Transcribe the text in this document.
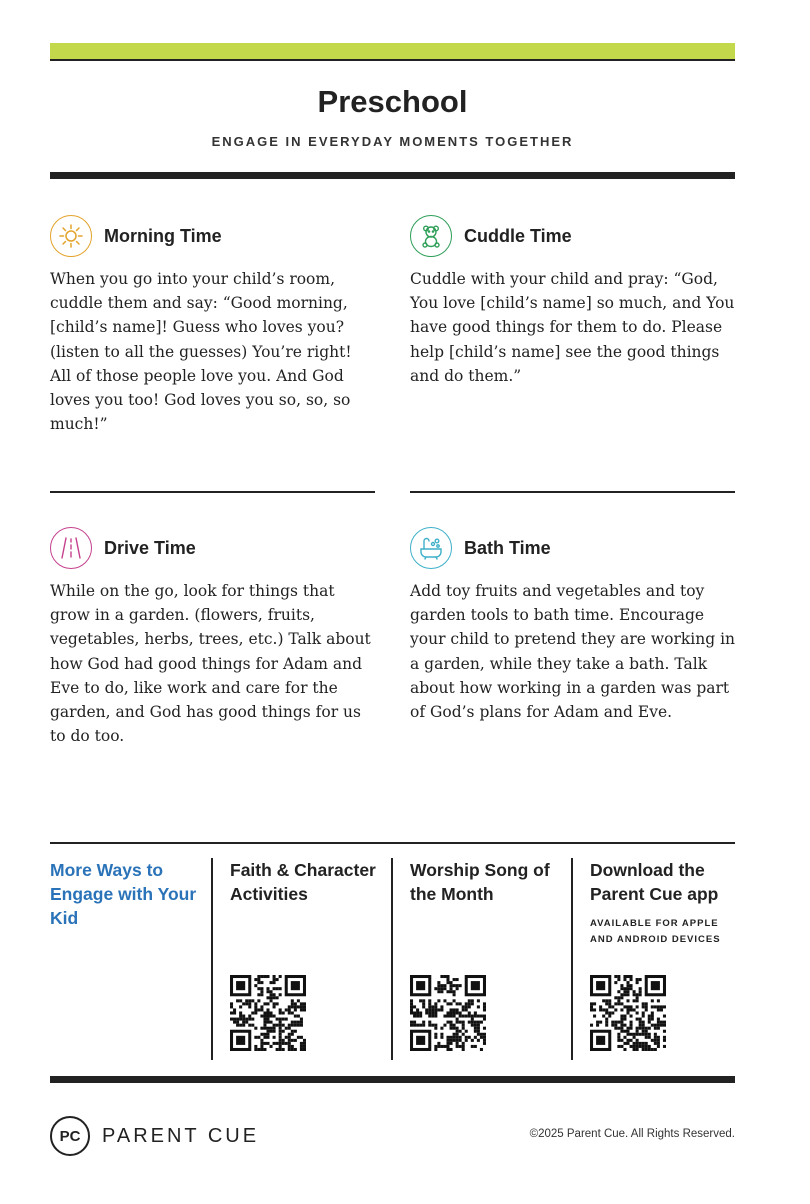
Preschool
ENGAGE IN EVERYDAY MOMENTS TOGETHER
Morning Time
When you go into your child’s room, cuddle them and say: “Good morning, [child’s name]! Guess who loves you? (listen to all the guesses) You’re right! All of those people love you. And God loves you too! God loves you so, so, so much!”
Cuddle Time
Cuddle with your child and pray: “God, You love [child’s name] so much, and You have good things for them to do. Please help [child’s name] see the good things and do them.”
Drive Time
While on the go, look for things that grow in a garden. (flowers, fruits, vegetables, herbs, trees, etc.) Talk about how God had good things for Adam and Eve to do, like work and care for the garden, and God has good things for us to do too.
Bath Time
Add toy fruits and vegetables and toy garden tools to bath time. Encourage your child to pretend they are working in a garden, while they take a bath. Talk about how working in a garden was part of God’s plans for Adam and Eve.
More Ways to Engage with Your Kid
Faith & Character Activities
Worship Song of the Month
Download the Parent Cue app
AVAILABLE FOR APPLE AND ANDROID DEVICES
PC	PARENT CUE	©2025 Parent Cue. All Rights Reserved.
